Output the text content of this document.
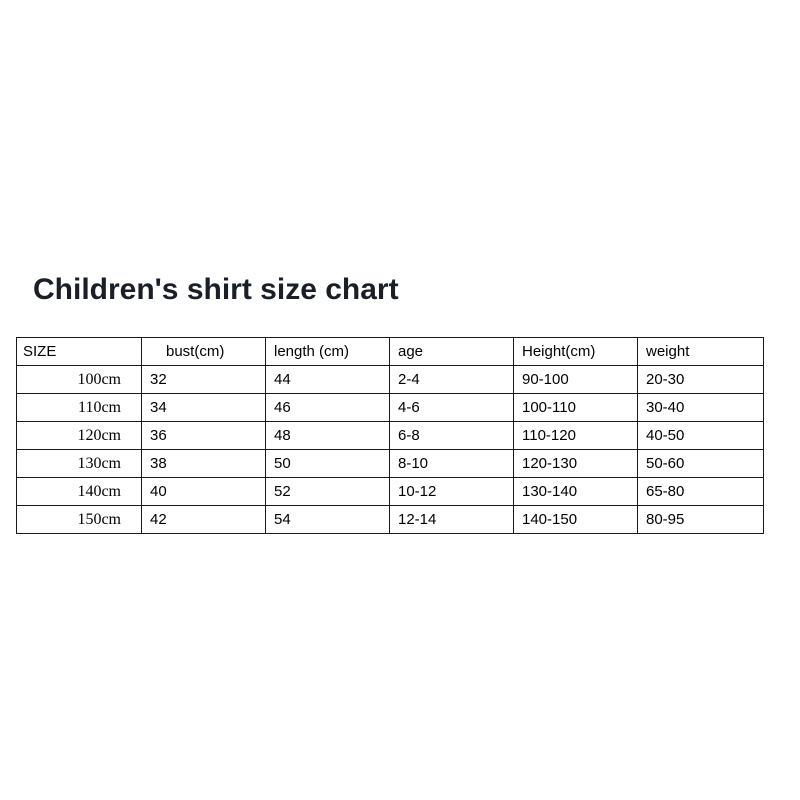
Children's shirt size chart
SIZE	bust(cm)	length (cm)	age	Height(cm)	weight
100cm	32	44	2-4	90-100	20-30
110cm	34	46	4-6	100-110	30-40
120cm	36	48	6-8	110-120	40-50
130cm	38	50	8-10	120-130	50-60
140cm	40	52	10-12	130-140	65-80
150cm	42	54	12-14	140-150	80-95
